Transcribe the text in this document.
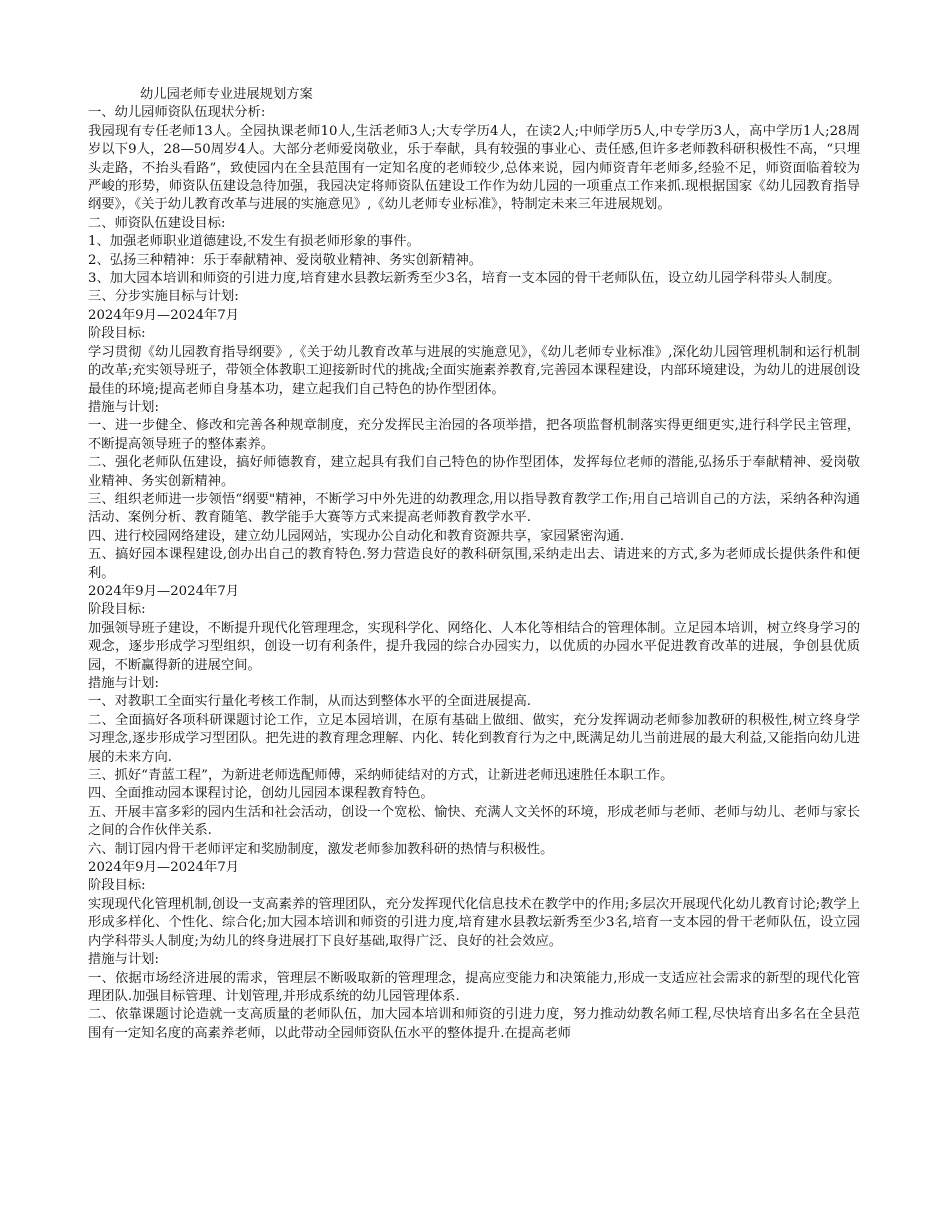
幼儿园老师专业进展规划方案

一、幼儿园师资队伍现状分析:

我园现有专任老师13人。全园执课老师10人,生活老师3人;大专学历4人，在读2人;中师学历5人,中专学历3人，高中学历1人;28周岁以下9人，28—50周岁4人。大部分老师爱岗敬业，乐于奉献，具有较强的事业心、责任感,但许多老师教科研积极性不高，“只埋头走路，不抬头看路”，致使园内在全县范围有一定知名度的老师较少,总体来说，园内师资青年老师多,经验不足，师资面临着较为严峻的形势，师资队伍建设急待加强，我园决定将师资队伍建设工作作为幼儿园的一项重点工作来抓.现根据国家《幼儿园教育指导纲要》，《关于幼儿教育改革与进展的实施意见》,《幼儿老师专业标准》，特制定未来三年进展规划。

二、师资队伍建设目标:

1、加强老师职业道德建设,不发生有损老师形象的事件。

2、弘扬三种精神：乐于奉献精神、爱岗敬业精神、务实创新精神。

3、加大园本培训和师资的引进力度,培育建水县教坛新秀至少3名，培育一支本园的骨干老师队伍，设立幼儿园学科带头人制度。

三、分步实施目标与计划:

2024年9月—2024年7月

阶段目标:

学习贯彻《幼儿园教育指导纲要》,《关于幼儿教育改革与进展的实施意见》，《幼儿老师专业标准》,深化幼儿园管理机制和运行机制的改革;充实领导班子，带领全体教职工迎接新时代的挑战;全面实施素养教育,完善园本课程建设，内部环境建设，为幼儿的进展创设最佳的环境;提高老师自身基本功，建立起我们自己特色的协作型团体。

措施与计划:

一、进一步健全、修改和完善各种规章制度，充分发挥民主治园的各项举措，把各项监督机制落实得更细更实,进行科学民主管理，不断提高领导班子的整体素养。

二、强化老师队伍建设，搞好师德教育，建立起具有我们自己特色的协作型团体，发挥每位老师的潜能,弘扬乐于奉献精神、爱岗敬业精神、务实创新精神。

三、组织老师进一步领悟“纲要"精神，不断学习中外先进的幼教理念,用以指导教育教学工作;用自己培训自己的方法，采纳各种沟通活动、案例分析、教育随笔、教学能手大赛等方式来提高老师教育教学水平.

四、进行校园网络建设，建立幼儿园网站，实现办公自动化和教育资源共享，家园紧密沟通.

五、搞好园本课程建设,创办出自己的教育特色.努力营造良好的教科研氛围,采纳走出去、请进来的方式,多为老师成长提供条件和便利。

2024年9月—2024年7月

阶段目标:

加强领导班子建设，不断提升现代化管理理念，实现科学化、网络化、人本化等相结合的管理体制。立足园本培训，树立终身学习的观念，逐步形成学习型组织，创设一切有利条件，提升我园的综合办园实力，以优质的办园水平促进教育改革的进展，争创县优质园，不断赢得新的进展空间。

措施与计划:

一、对教职工全面实行量化考核工作制，从而达到整体水平的全面进展提高.

二、全面搞好各项科研课题讨论工作，立足本园培训，在原有基础上做细、做实，充分发挥调动老师参加教研的积极性,树立终身学习理念,逐步形成学习型团队。把先进的教育理念理解、内化、转化到教育行为之中,既满足幼儿当前进展的最大利益,又能指向幼儿进展的未来方向.

三、抓好“青蓝工程”，为新进老师选配师傅，采纳师徒结对的方式，让新进老师迅速胜任本职工作。

四、全面推动园本课程讨论，创幼儿园园本课程教育特色。

五、开展丰富多彩的园内生活和社会活动，创设一个宽松、愉快、充满人文关怀的环境，形成老师与老师、老师与幼儿、老师与家长之间的合作伙伴关系.

六、制订园内骨干老师评定和奖励制度，激发老师参加教科研的热情与积极性。

2024年9月—2024年7月

阶段目标:

实现现代化管理机制,创设一支高素养的管理团队，充分发挥现代化信息技术在教学中的作用;多层次开展现代化幼儿教育讨论;教学上形成多样化、个性化、综合化;加大园本培训和师资的引进力度,培育建水县教坛新秀至少3名,培育一支本园的骨干老师队伍，设立园内学科带头人制度;为幼儿的终身进展打下良好基础,取得广泛、良好的社会效应。

措施与计划:

一、依据市场经济进展的需求，管理层不断吸取新的管理理念，提高应变能力和决策能力,形成一支适应社会需求的新型的现代化管理团队.加强目标管理、计划管理,并形成系统的幼儿园管理体系.

二、依靠课题讨论造就一支高质量的老师队伍，加大园本培训和师资的引进力度，努力推动幼教名师工程,尽快培育出多名在全县范围有一定知名度的高素养老师，以此带动全园师资队伍水平的整体提升.在提高老师
